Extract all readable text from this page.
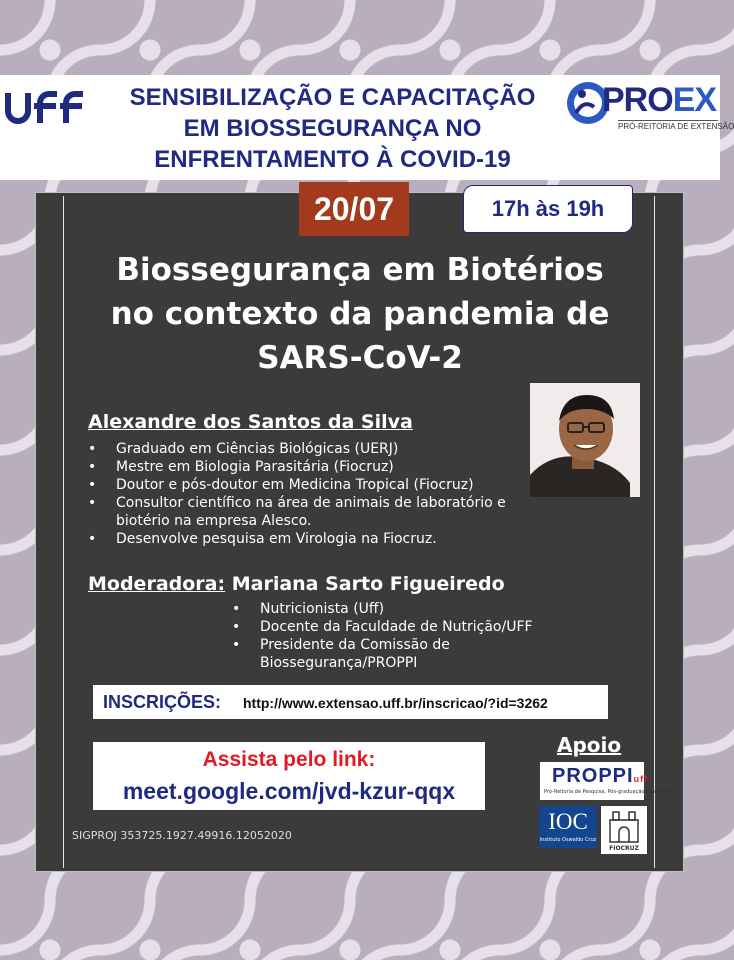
SENSIBILIZAÇÃO E CAPACITAÇÃO
EM BIOSSEGURANÇA NO
ENFRENTAMENTO À COVID-19
PROEX
PRÓ-REITORIA DE EXTENSÃO
20/07	17h às 19h
Biossegurança em Biotérios
no contexto da pandemia de
SARS-CoV-2
Alexandre dos Santos da Silva
• Graduado em Ciências Biológicas (UERJ)
• Mestre em Biologia Parasitária (Fiocruz)
• Doutor e pós-doutor em Medicina Tropical (Fiocruz)
• Consultor científico na área de animais de laboratório e biotério na empresa Alesco.
• Desenvolve pesquisa em Virologia na Fiocruz.
Moderadora: Mariana Sarto Figueiredo
• Nutricionista (Uff)
• Docente da Faculdade de Nutrição/UFF
• Presidente da Comissão de Biossegurança/PROPPI
INSCRIÇÕES: http://www.extensao.uff.br/inscricao/?id=3262
Assista pelo link:
meet.google.com/jvd-kzur-qqx
Apoio
PROPPIuff
Pró-Reitoria de Pesquisa, Pós-graduação e Inovação
IOC
Instituto Oswaldo Cruz
FIOCRUZ
SIGPROJ 353725.1927.49916.12052020
